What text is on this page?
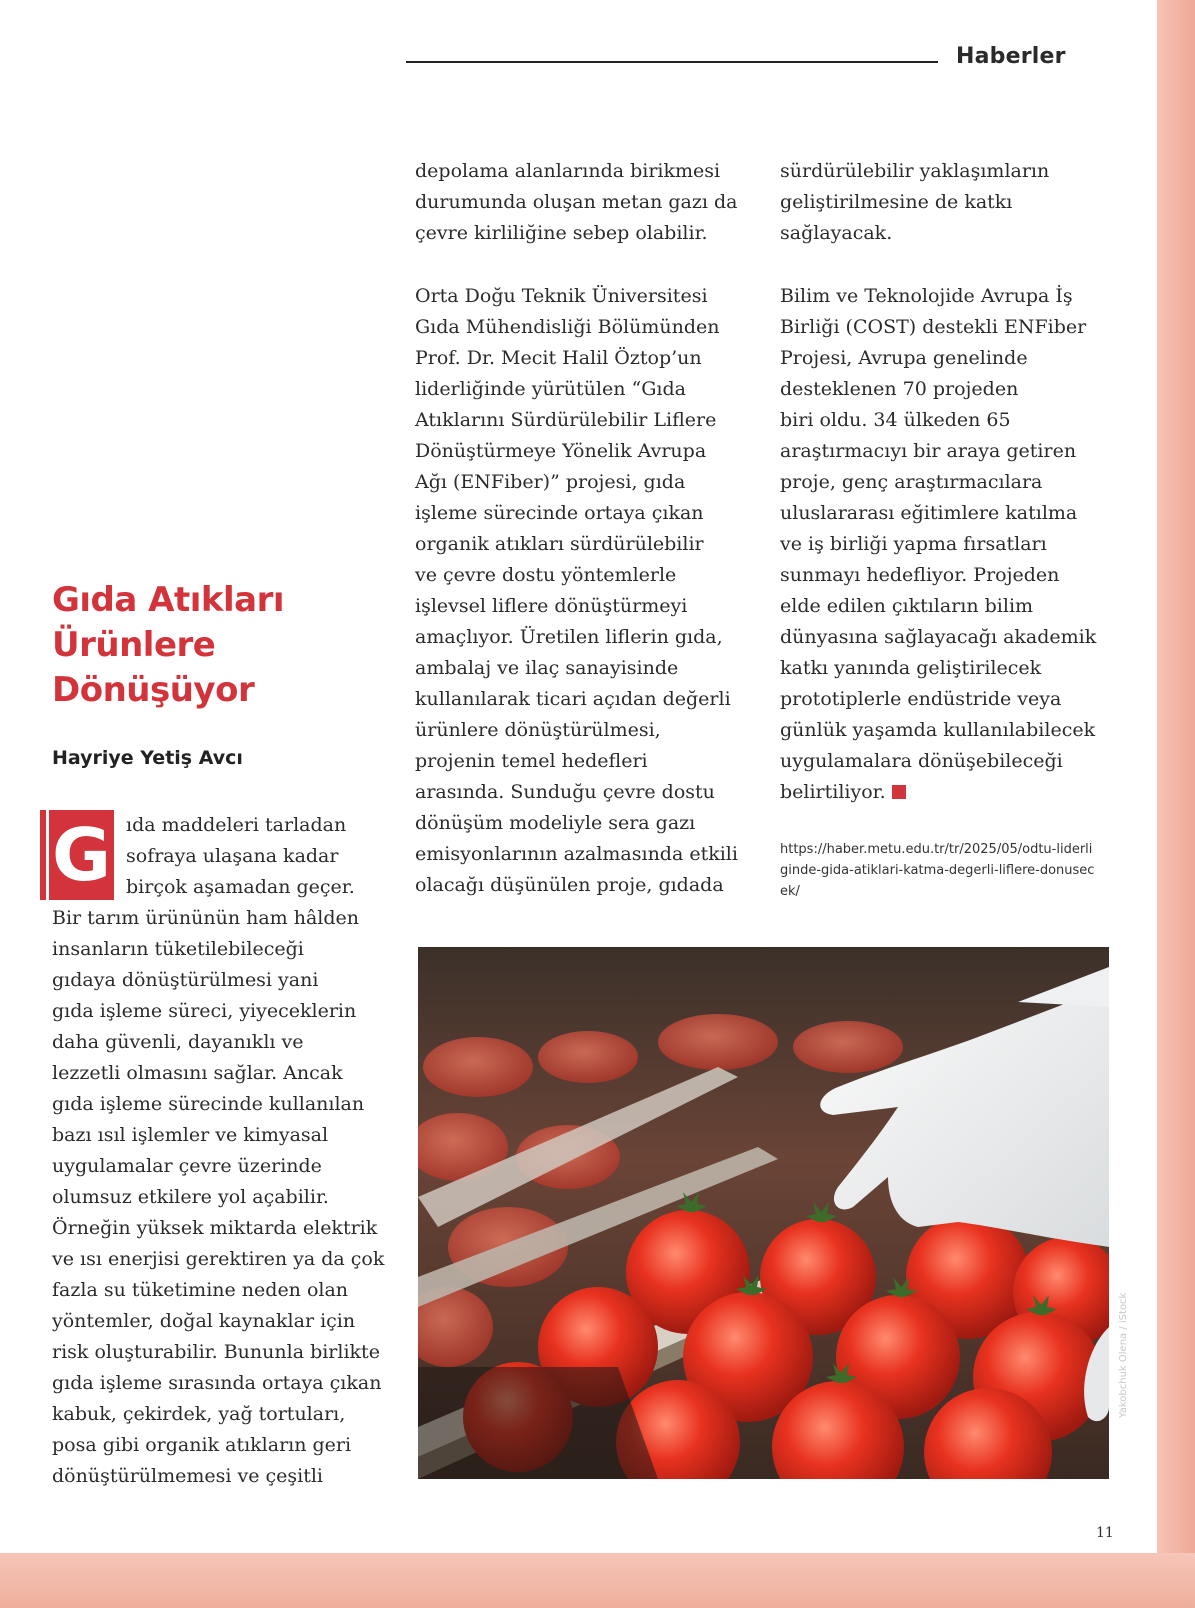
Haberler
Gıda Atıkları
Ürünlere
Dönüşüyor
Hayriye Yetiş Avcı
G ıda maddeleri tarladan
sofraya ulaşana kadar
birçok aşamadan geçer.
Bir tarım ürününün ham hâlden
insanların tüketilebileceği
gıdaya dönüştürülmesi yani
gıda işleme süreci, yiyeceklerin
daha güvenli, dayanıklı ve
lezzetli olmasını sağlar. Ancak
gıda işleme sürecinde kullanılan
bazı ısıl işlemler ve kimyasal
uygulamalar çevre üzerinde
olumsuz etkilere yol açabilir.
Örneğin yüksek miktarda elektrik
ve ısı enerjisi gerektiren ya da çok
fazla su tüketimine neden olan
yöntemler, doğal kaynaklar için
risk oluşturabilir. Bununla birlikte
gıda işleme sırasında ortaya çıkan
kabuk, çekirdek, yağ tortuları,
posa gibi organik atıkların geri
dönüştürülmemesi ve çeşitli
depolama alanlarında birikmesi
durumunda oluşan metan gazı da
çevre kirliliğine sebep olabilir.
Orta Doğu Teknik Üniversitesi
Gıda Mühendisliği Bölümünden
Prof. Dr. Mecit Halil Öztop’un
liderliğinde yürütülen “Gıda
Atıklarını Sürdürülebilir Liflere
Dönüştürmeye Yönelik Avrupa
Ağı (ENFiber)” projesi, gıda
işleme sürecinde ortaya çıkan
organik atıkları sürdürülebilir
ve çevre dostu yöntemlerle
işlevsel liflere dönüştürmeyi
amaçlıyor. Üretilen liflerin gıda,
ambalaj ve ilaç sanayisinde
kullanılarak ticari açıdan değerli
ürünlere dönüştürülmesi,
projenin temel hedefleri
arasında. Sunduğu çevre dostu
dönüşüm modeliyle sera gazı
emisyonlarının azalmasında etkili
olacağı düşünülen proje, gıdada
sürdürülebilir yaklaşımların
geliştirilmesine de katkı
sağlayacak.
Bilim ve Teknolojide Avrupa İş
Birliği (COST) destekli ENFiber
Projesi, Avrupa genelinde
desteklenen 70 projeden
biri oldu. 34 ülkeden 65
araştırmacıyı bir araya getiren
proje, genç araştırmacılara
uluslararası eğitimlere katılma
ve iş birliği yapma fırsatları
sunmayı hedefliyor. Projeden
elde edilen çıktıların bilim
dünyasına sağlayacağı akademik
katkı yanında geliştirilecek
prototiplerle endüstride veya
günlük yaşamda kullanılabilecek
uygulamalara dönüşebileceği
belirtiliyor.
https://haber.metu.edu.tr/tr/2025/05/odtu-liderliginde-gida-atiklari-katma-degerli-liflere-donusecek/
Yakobchuk Olena / iStock
11
